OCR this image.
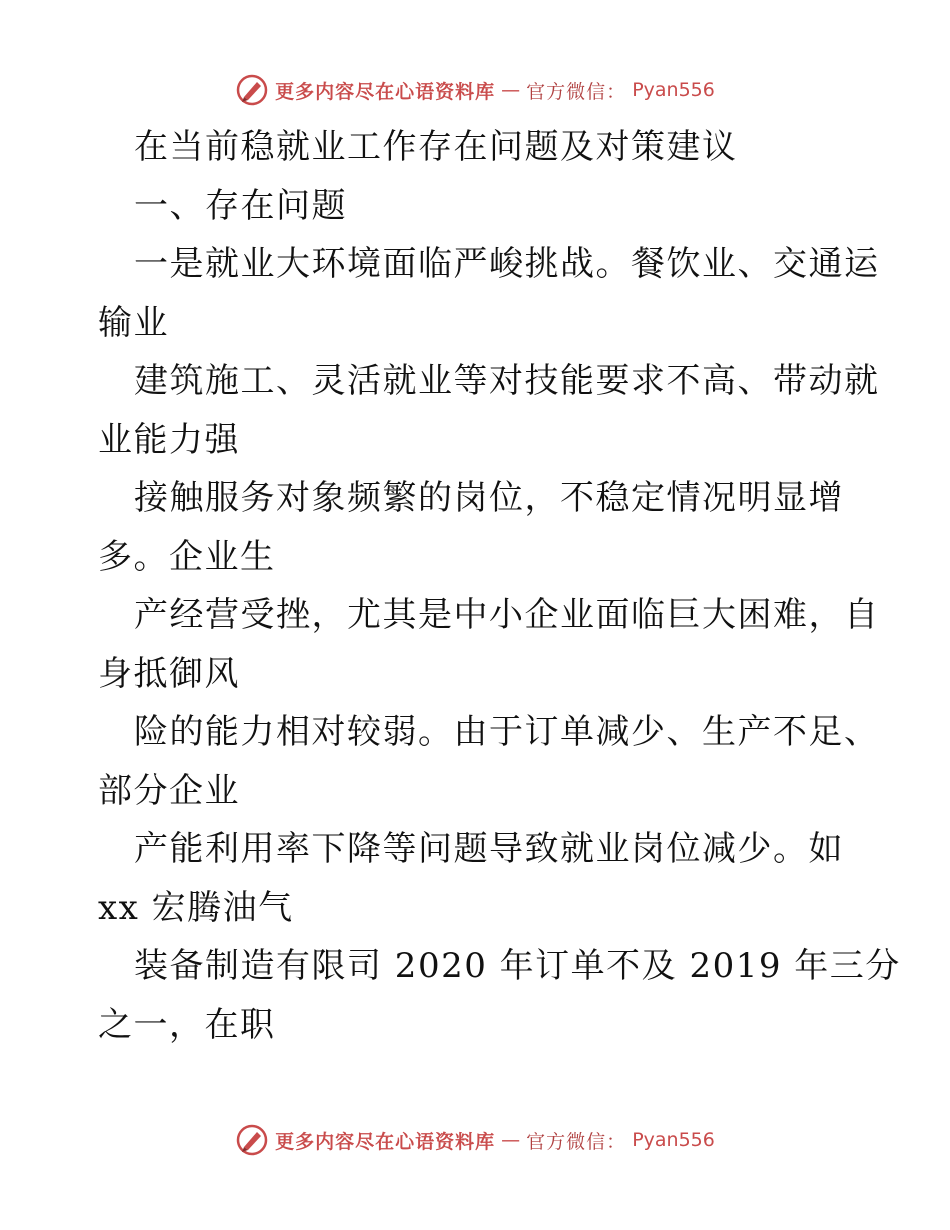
更多内容尽在心语资料库 — 官方微信： Pyan556
在当前稳就业工作存在问题及对策建议
一、存在问题
一是就业大环境面临严峻挑战。餐饮业、交通运
输业
建筑施工、灵活就业等对技能要求不高、带动就
业能力强
接触服务对象频繁的岗位，不稳定情况明显增
多。企业生
产经营受挫，尤其是中小企业面临巨大困难，自
身抵御风
险的能力相对较弱。由于订单减少、生产不足、
部分企业
产能利用率下降等问题导致就业岗位减少。如
xx 宏腾油气
装备制造有限司 2020 年订单不及 2019 年三分
之一，在职
更多内容尽在心语资料库 — 官方微信： Pyan556
